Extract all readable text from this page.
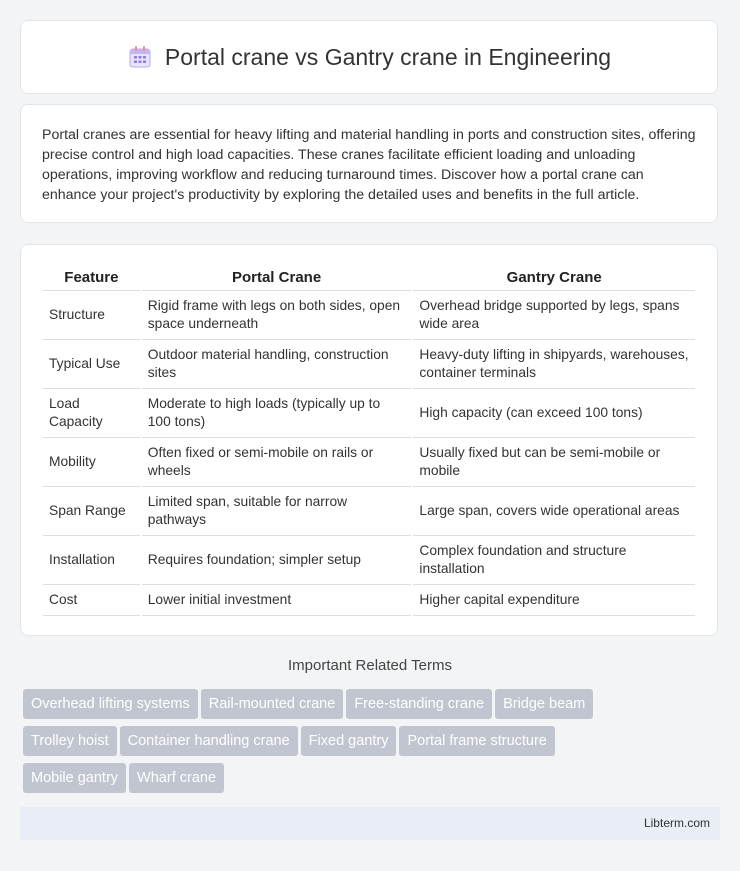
Portal crane vs Gantry crane in Engineering

Portal cranes are essential for heavy lifting and material handling in ports and construction sites, offering precise control and high load capacities. These cranes facilitate efficient loading and unloading operations, improving workflow and reducing turnaround times. Discover how a portal crane can enhance your project's productivity by exploring the detailed uses and benefits in the full article.

Feature	Portal Crane	Gantry Crane
Structure	Rigid frame with legs on both sides, open space underneath	Overhead bridge supported by legs, spans wide area
Typical Use	Outdoor material handling, construction sites	Heavy-duty lifting in shipyards, warehouses, container terminals
Load Capacity	Moderate to high loads (typically up to 100 tons)	High capacity (can exceed 100 tons)
Mobility	Often fixed or semi-mobile on rails or wheels	Usually fixed but can be semi-mobile or mobile
Span Range	Limited span, suitable for narrow pathways	Large span, covers wide operational areas
Installation	Requires foundation; simpler setup	Complex foundation and structure installation
Cost	Lower initial investment	Higher capital expenditure
Important Related Terms
Overhead lifting systems Rail-mounted crane Free-standing crane Bridge beam
Trolley hoist Container handling crane Fixed gantry Portal frame structure
Mobile gantry Wharf crane
Libterm.com
